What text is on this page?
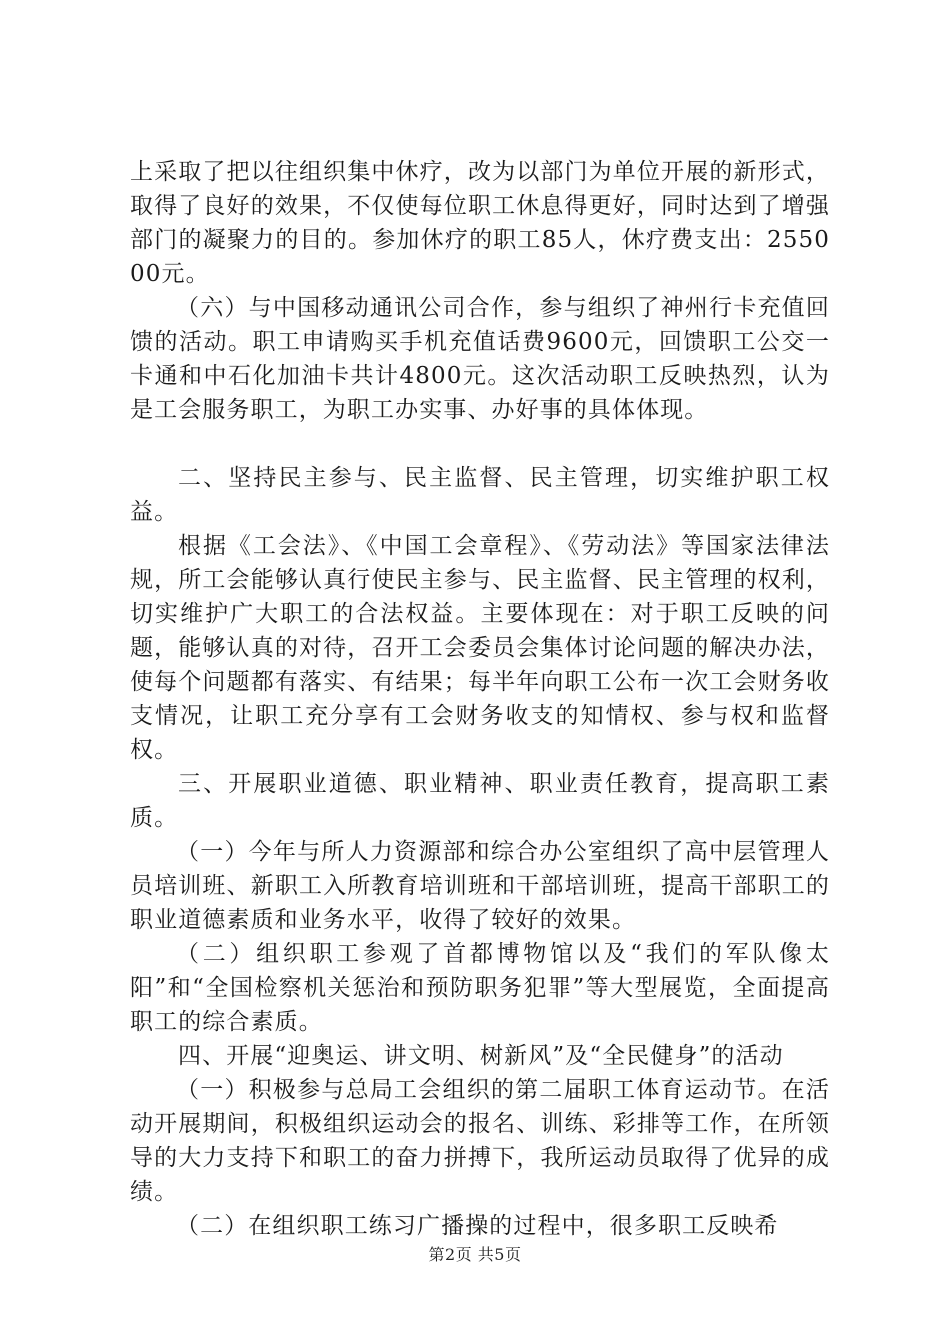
上采取了把以往组织集中休疗，改为以部门为单位开展的新形式，取得了良好的效果，不仅使每位职工休息得更好，同时达到了增强部门的凝聚力的目的。参加休疗的职工85人，休疗费支出：255000元。

（六）与中国移动通讯公司合作，参与组织了神州行卡充值回馈的活动。职工申请购买手机充值话费9600元，回馈职工公交一卡通和中石化加油卡共计4800元。这次活动职工反映热烈，认为是工会服务职工，为职工办实事、办好事的具体体现。

二、坚持民主参与、民主监督、民主管理，切实维护职工权益。

根据《工会法》、《中国工会章程》、《劳动法》等国家法律法规，所工会能够认真行使民主参与、民主监督、民主管理的权利，切实维护广大职工的合法权益。主要体现在：对于职工反映的问题，能够认真的对待，召开工会委员会集体讨论问题的解决办法，使每个问题都有落实、有结果；每半年向职工公布一次工会财务收支情况，让职工充分享有工会财务收支的知情权、参与权和监督权。

三、开展职业道德、职业精神、职业责任教育，提高职工素质。

（一）今年与所人力资源部和综合办公室组织了高中层管理人员培训班、新职工入所教育培训班和干部培训班，提高干部职工的职业道德素质和业务水平，收得了较好的效果。

（二）组织职工参观了首都博物馆以及“我们的军队像太阳”和“全国检察机关惩治和预防职务犯罪”等大型展览，全面提高职工的综合素质。

四、开展“迎奥运、讲文明、树新风”及“全民健身”的活动

（一）积极参与总局工会组织的第二届职工体育运动节。在活动开展期间，积极组织运动会的报名、训练、彩排等工作，在所领导的大力支持下和职工的奋力拼搏下，我所运动员取得了优异的成绩。

（二）在组织职工练习广播操的过程中，很多职工反映希

第2页 共5页
